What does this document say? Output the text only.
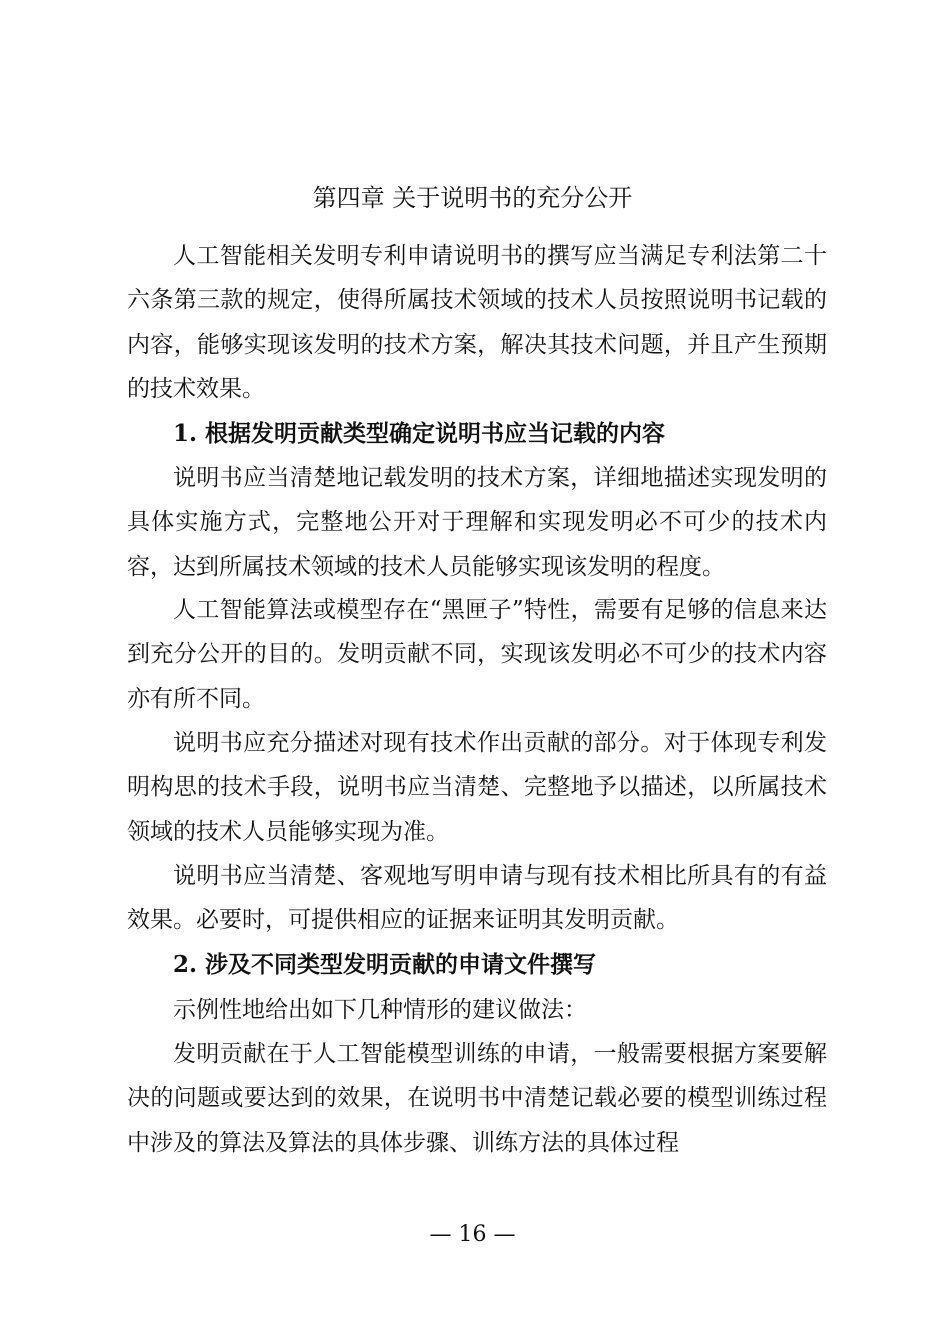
第四章 关于说明书的充分公开

人工智能相关发明专利申请说明书的撰写应当满足专利法第二十六条第三款的规定，使得所属技术领域的技术人员按照说明书记载的内容，能够实现该发明的技术方案，解决其技术问题，并且产生预期的技术效果。

1. 根据发明贡献类型确定说明书应当记载的内容

说明书应当清楚地记载发明的技术方案，详细地描述实现发明的具体实施方式，完整地公开对于理解和实现发明必不可少的技术内容，达到所属技术领域的技术人员能够实现该发明的程度。

人工智能算法或模型存在“黑匣子”特性，需要有足够的信息来达到充分公开的目的。发明贡献不同，实现该发明必不可少的技术内容亦有所不同。

说明书应充分描述对现有技术作出贡献的部分。对于体现专利发明构思的技术手段，说明书应当清楚、完整地予以描述，以所属技术领域的技术人员能够实现为准。

说明书应当清楚、客观地写明申请与现有技术相比所具有的有益效果。必要时，可提供相应的证据来证明其发明贡献。

2. 涉及不同类型发明贡献的申请文件撰写

示例性地给出如下几种情形的建议做法：

发明贡献在于人工智能模型训练的申请，一般需要根据方案要解决的问题或要达到的效果，在说明书中清楚记载必要的模型训练过程中涉及的算法及算法的具体步骤、训练方法的具体过程

— 16 —
